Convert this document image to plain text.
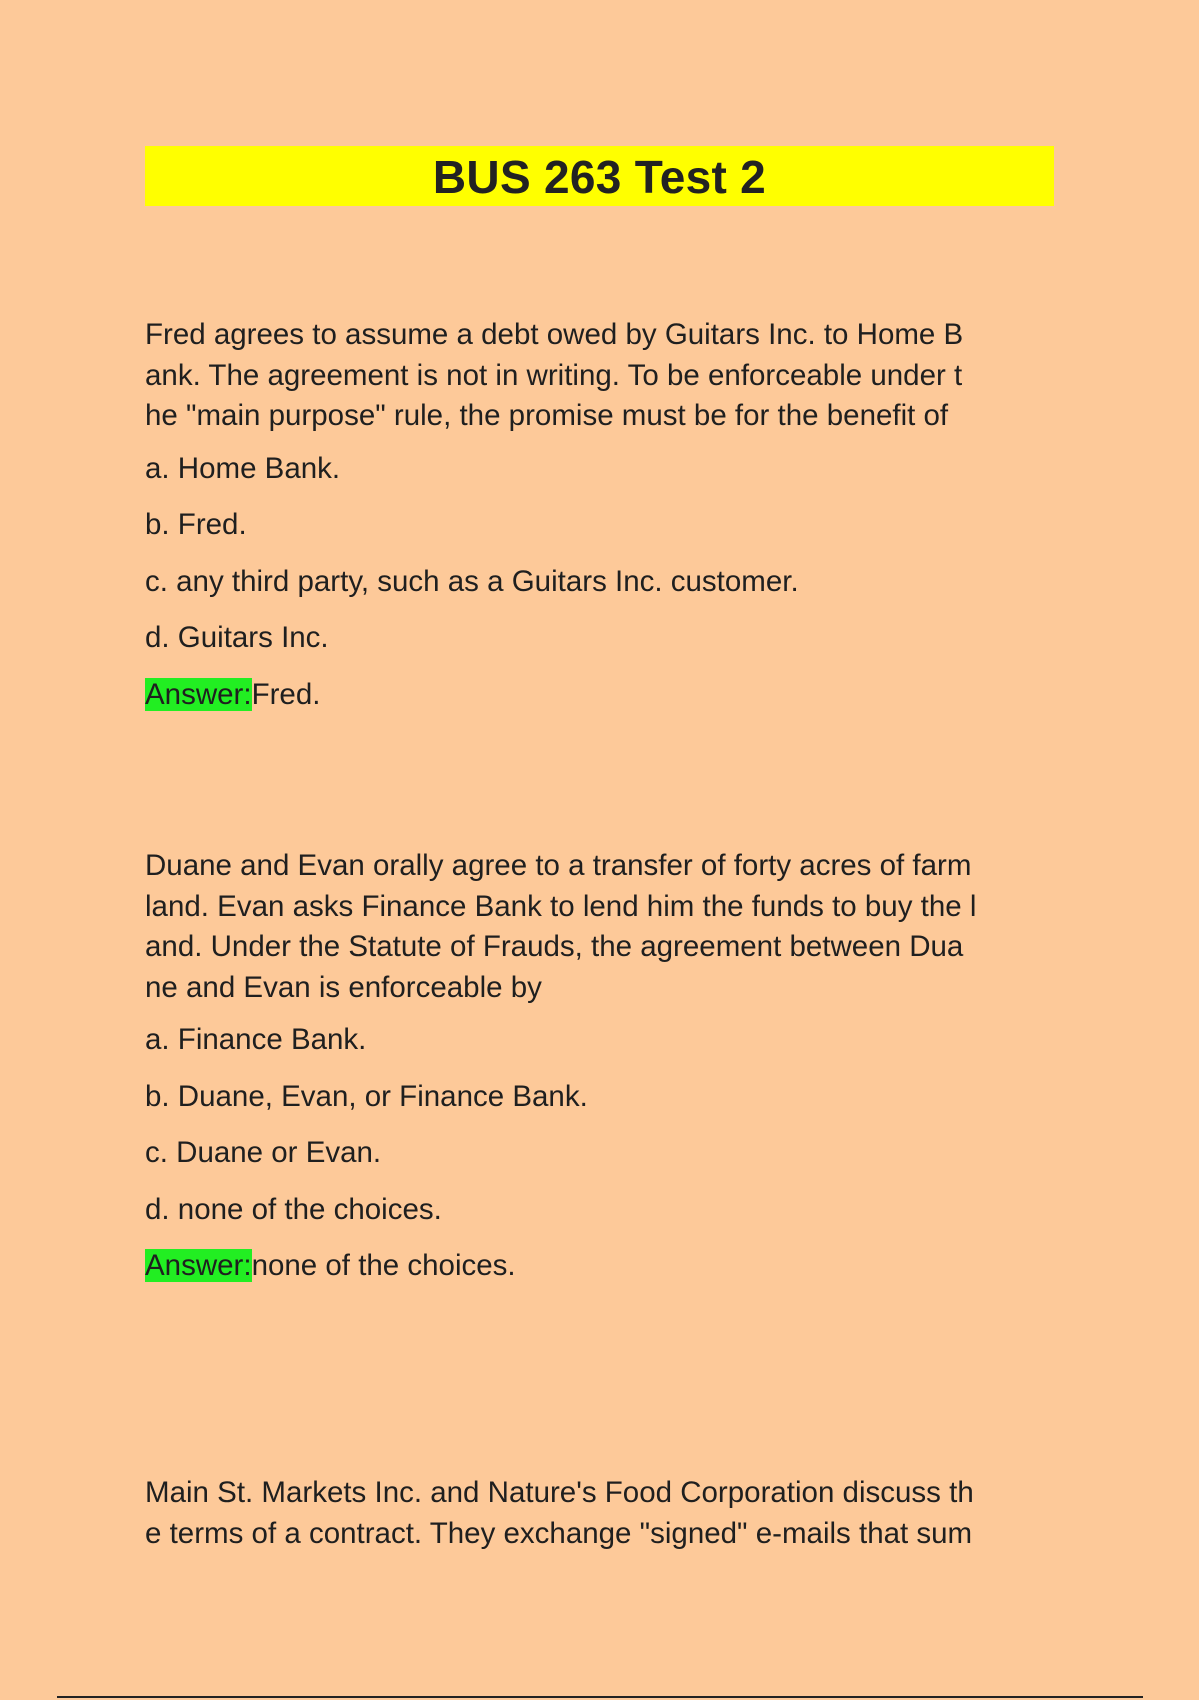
BUS 263 Test 2

Fred agrees to assume a debt owed by Guitars Inc. to Home B
ank. The agreement is not in writing. To be enforceable under t
he "main purpose" rule, the promise must be for the benefit of

a. Home Bank.
b. Fred.
c. any third party, such as a Guitars Inc. customer.
d. Guitars Inc.
Answer:Fred.

Duane and Evan orally agree to a transfer of forty acres of farm
land. Evan asks Finance Bank to lend him the funds to buy the l
and. Under the Statute of Frauds, the agreement between Dua
ne and Evan is enforceable by

a. Finance Bank.
b. Duane, Evan, or Finance Bank.
c. Duane or Evan.
d. none of the choices.
Answer:none of the choices.

Main St. Markets Inc. and Nature's Food Corporation discuss th
e terms of a contract. They exchange "signed" e-mails that sum
